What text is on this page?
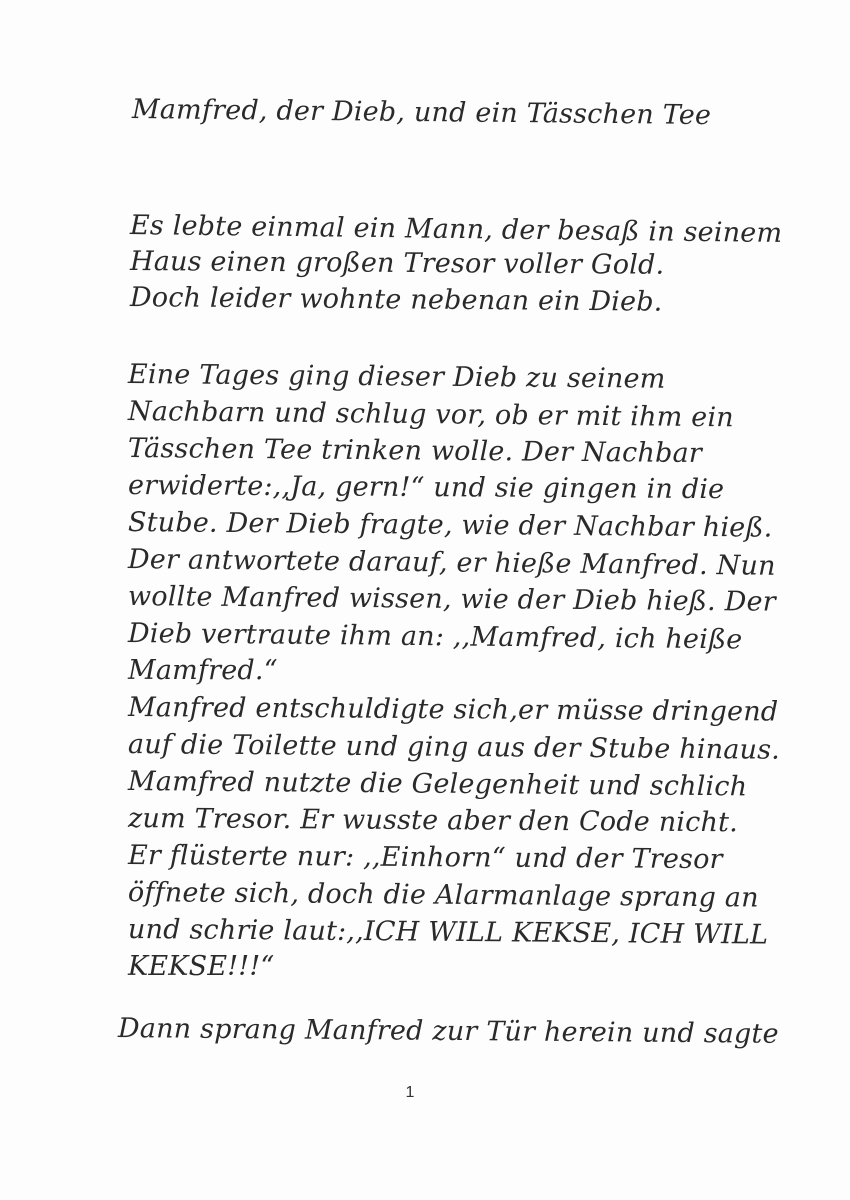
Mamfred, der Dieb, und ein Tässchen Tee
Es lebte einmal ein Mann, der besaß in seinem
Haus einen großen Tresor voller Gold.
Doch leider wohnte nebenan ein Dieb.
Eine Tages ging dieser Dieb zu seinem
Nachbarn und schlug vor, ob er mit ihm ein
Tässchen Tee trinken wolle. Der Nachbar
erwiderte:,,Ja, gern!“ und sie gingen in die
Stube. Der Dieb fragte, wie der Nachbar hieß.
Der antwortete darauf, er hieße Manfred. Nun
wollte Manfred wissen, wie der Dieb hieß. Der
Dieb vertraute ihm an: ,,Mamfred, ich heiße
Mamfred.“
Manfred entschuldigte sich,er müsse dringend
auf die Toilette und ging aus der Stube hinaus.
Mamfred nutzte die Gelegenheit und schlich
zum Tresor. Er wusste aber den Code nicht.
Er flüsterte nur: ,,Einhorn“ und der Tresor
öffnete sich, doch die Alarmanlage sprang an
und schrie laut:,,ICH WILL KEKSE, ICH WILL
KEKSE!!!“
Dann sprang Manfred zur Tür herein und sagte
1
